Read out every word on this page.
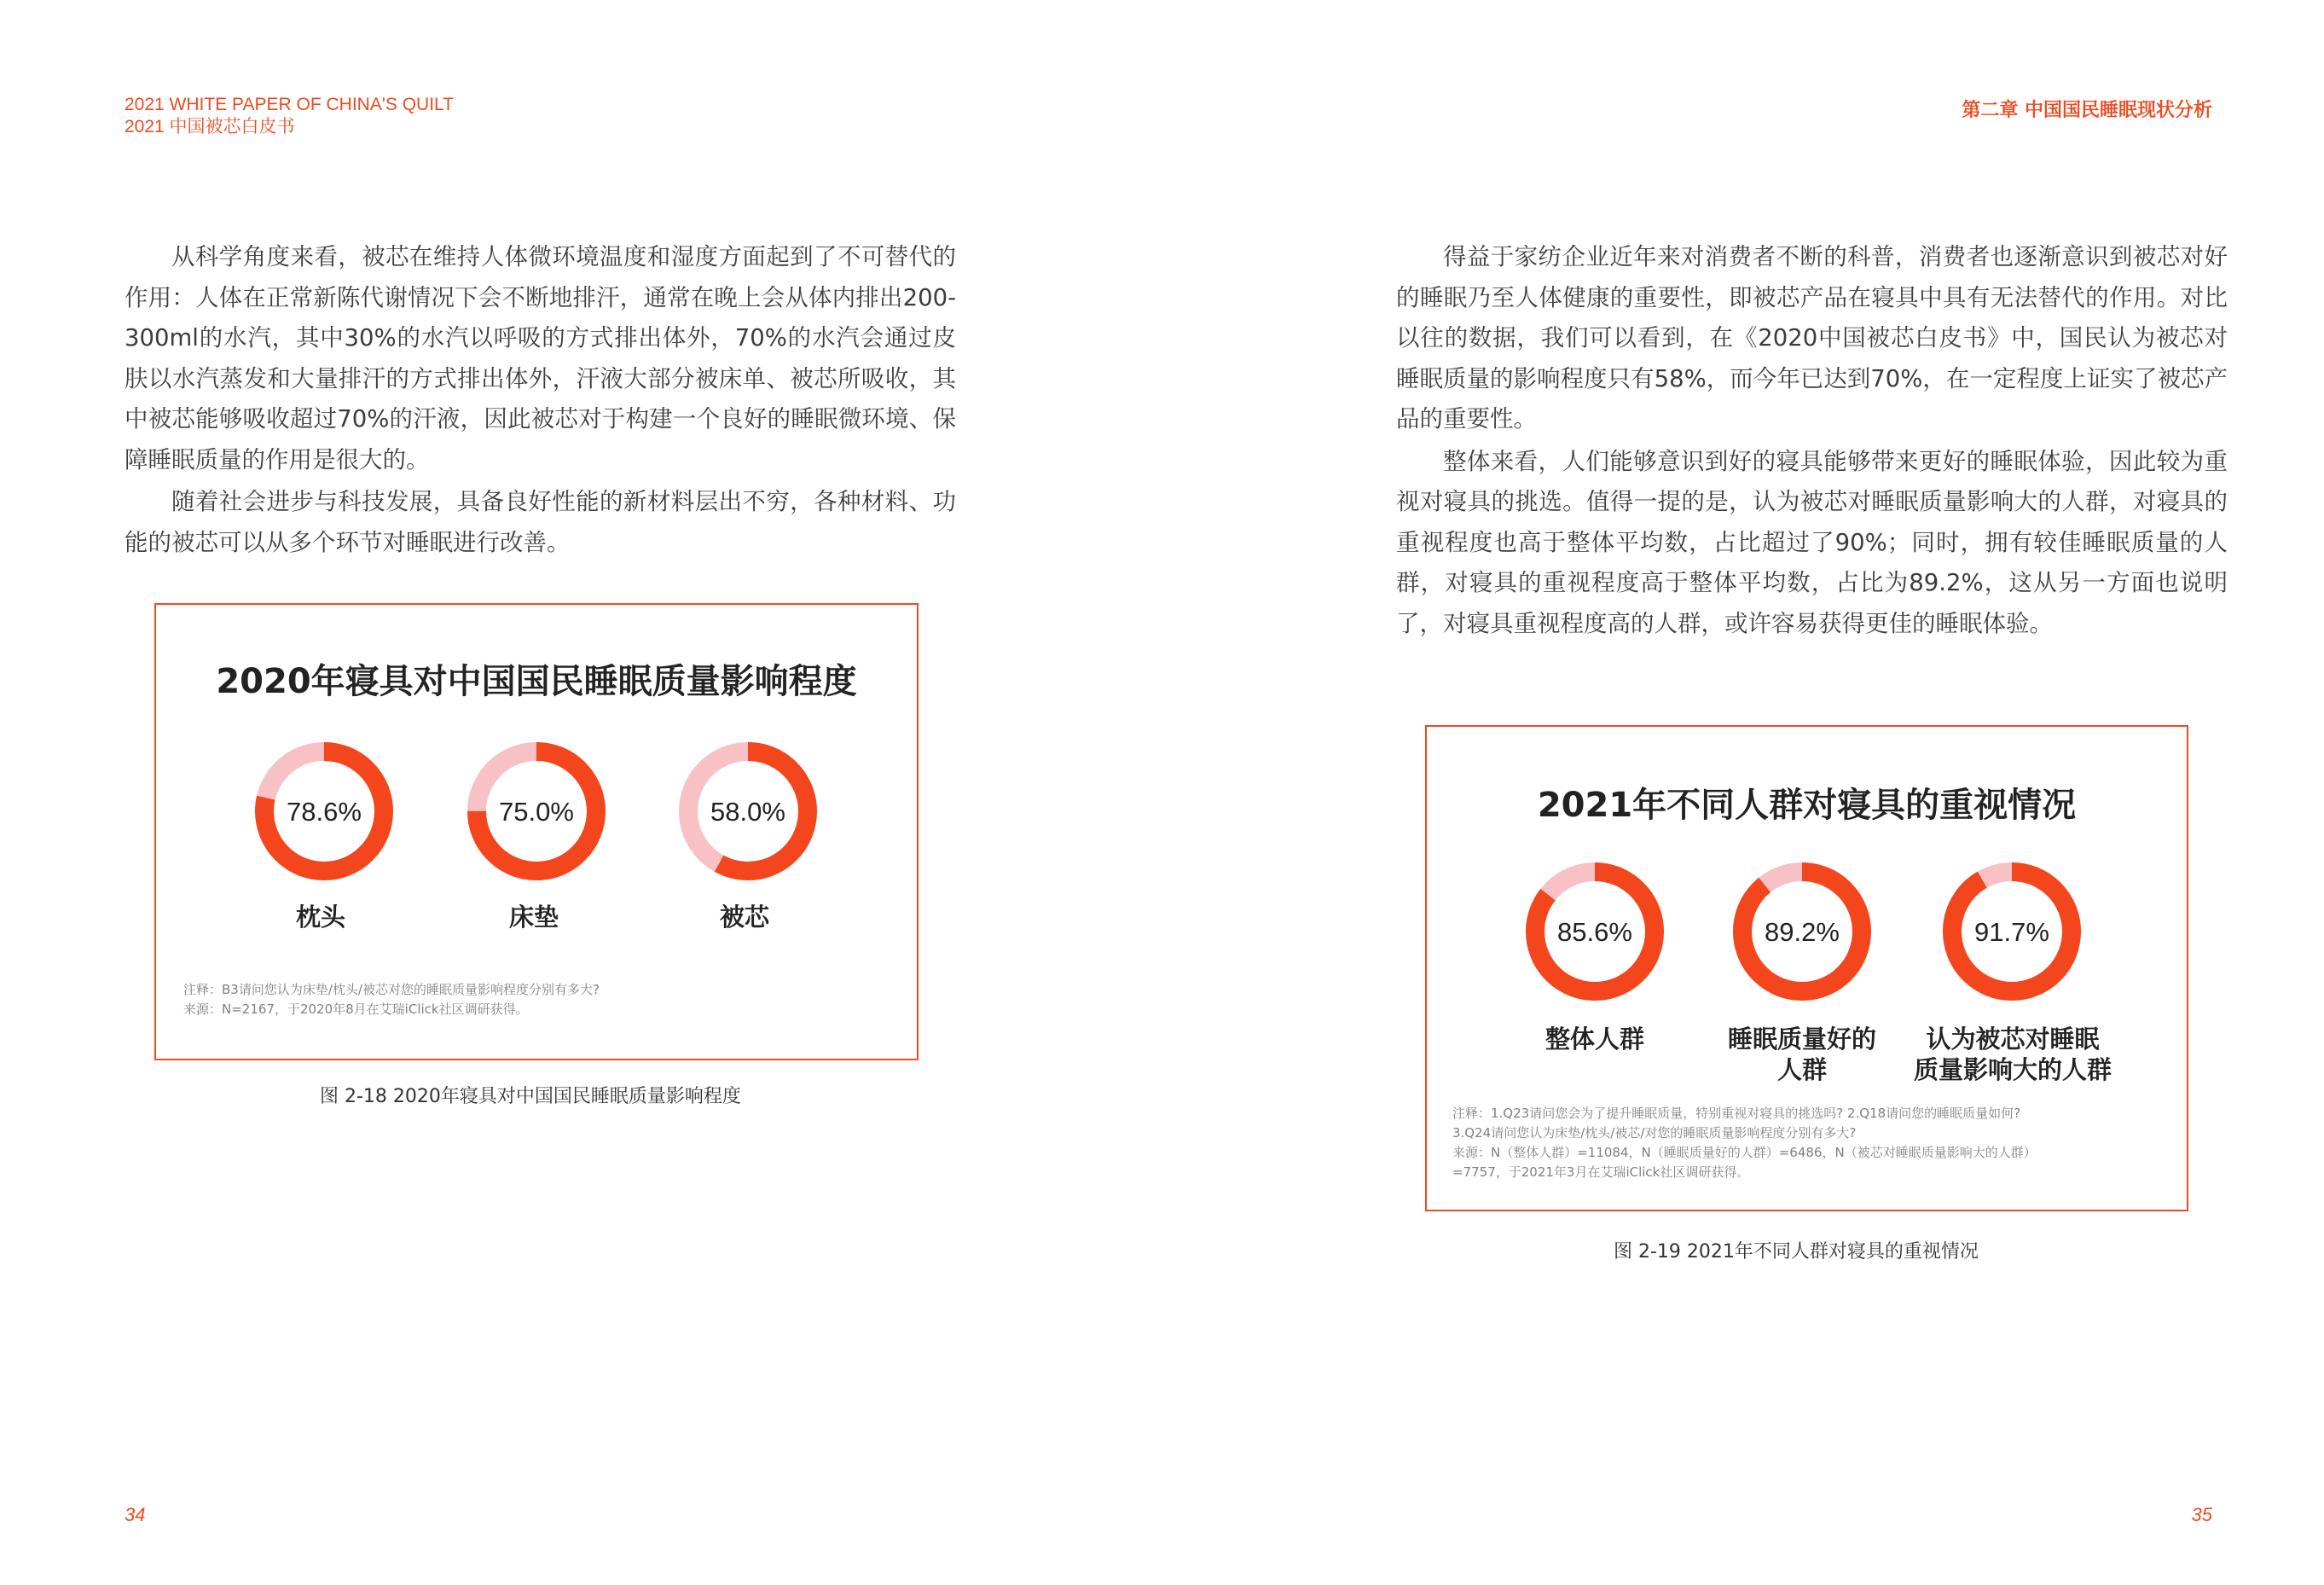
2021 WHITE PAPER OF CHINA'S QUILT
2021 中国被芯白皮书
第二章 中国国民睡眠现状分析

从科学角度来看，被芯在维持人体微环境温度和湿度方面起到了不可替代的作用：人体在正常新陈代谢情况下会不断地排汗，通常在晚上会从体内排出200-300ml的水汽，其中30%的水汽以呼吸的方式排出体外，70%的水汽会通过皮肤以水汽蒸发和大量排汗的方式排出体外，汗液大部分被床单、被芯所吸收，其中被芯能够吸收超过70%的汗液，因此被芯对于构建一个良好的睡眠微环境、保障睡眠质量的作用是很大的。

随着社会进步与科技发展，具备良好性能的新材料层出不穷，各种材料、功能的被芯可以从多个环节对睡眠进行改善。

得益于家纺企业近年来对消费者不断的科普，消费者也逐渐意识到被芯对好的睡眠乃至人体健康的重要性，即被芯产品在寝具中具有无法替代的作用。对比以往的数据，我们可以看到，在《2020中国被芯白皮书》中，国民认为被芯对睡眠质量的影响程度只有58%，而今年已达到70%，在一定程度上证实了被芯产品的重要性。

整体来看，人们能够意识到好的寝具能够带来更好的睡眠体验，因此较为重视对寝具的挑选。值得一提的是，认为被芯对睡眠质量影响大的人群，对寝具的重视程度也高于整体平均数，占比超过了90%；同时，拥有较佳睡眠质量的人群，对寝具的重视程度高于整体平均数，占比为89.2%，这从另一方面也说明了，对寝具重视程度高的人群，或许容易获得更佳的睡眠体验。

2020年寝具对中国国民睡眠质量影响程度
78.6%	75.0%	58.0%
枕头	床垫	被芯
注释：B3请问您认为床垫/枕头/被芯对您的睡眠质量影响程度分别有多大?
来源：N=2167，于2020年8月在艾瑞iClick社区调研获得。
图 2-18 2020年寝具对中国国民睡眠质量影响程度
2021年不同人群对寝具的重视情况
85.6%	89.2%	91.7%
整体人群	睡眠质量好的
人群
认为被芯对睡眠
质量影响大的人群
注释：1.Q23请问您会为了提升睡眠质量，特别重视对寝具的挑选吗? 2.Q18请问您的睡眠质量如何?
3.Q24请问您认为床垫/枕头/被芯/对您的睡眠质量影响程度分别有多大?
来源：N（整体人群）=11084，N（睡眠质量好的人群）=6486，N（被芯对睡眠质量影响大的人群）
=7757，于2021年3月在艾瑞iClick社区调研获得。
图 2-19 2021年不同人群对寝具的重视情况
34	35
